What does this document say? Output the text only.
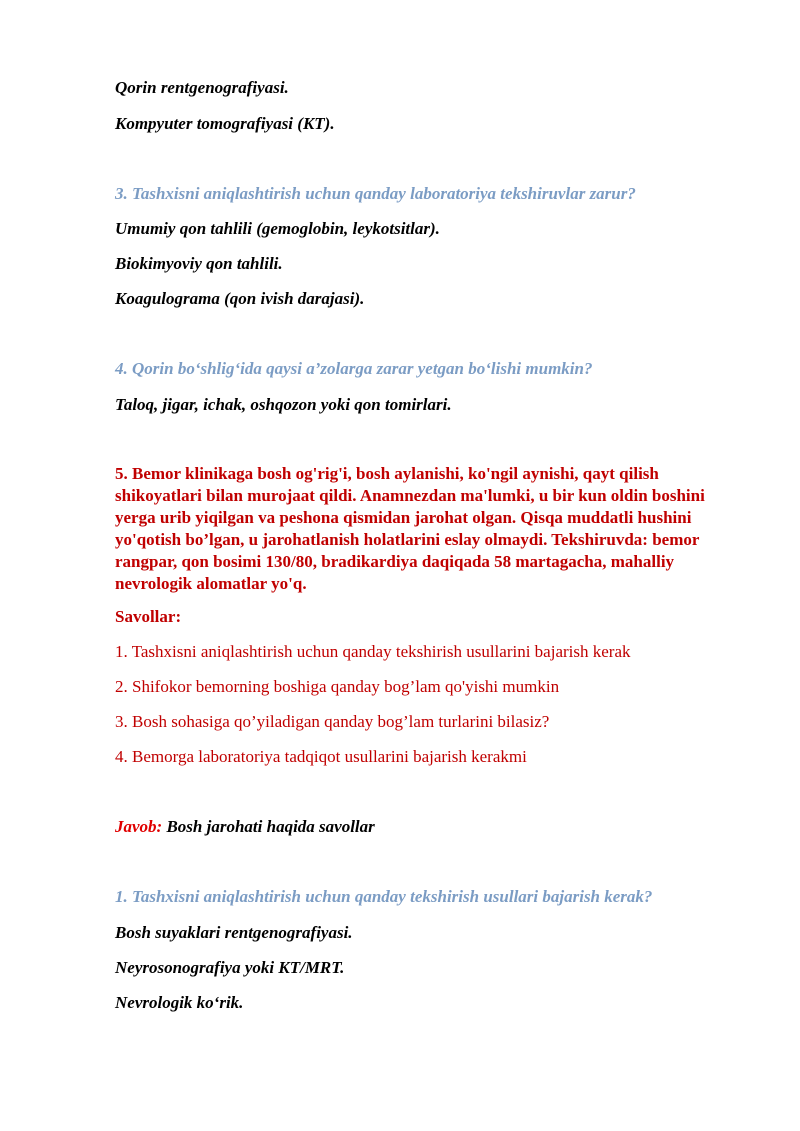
Qorin rentgenografiyasi.
Kompyuter tomografiyasi (KT).
3. Tashxisni aniqlashtirish uchun qanday laboratoriya tekshiruvlar zarur?
Umumiy qon tahlili (gemoglobin, leykotsitlar).
Biokimyoviy qon tahlili.
Koagulograma (qon ivish darajasi).
4. Qorin bo‘shlig‘ida qaysi a’zolarga zarar yetgan bo‘lishi mumkin?
Taloq, jigar, ichak, oshqozon yoki qon tomirlari.
5. Bemor klinikaga bosh og'rig'i, bosh aylanishi, ko'ngil aynishi, qayt qilish shikoyatlari bilan murojaat qildi. Anamnezdan ma'lumki, u bir kun oldin boshini yerga urib yiqilgan va peshona qismidan jarohat olgan. Qisqa muddatli hushini yo'qotish bo’lgan, u jarohatlanish holatlarini eslay olmaydi. Tekshiruvda: bemor rangpar, qon bosimi 130/80, bradikardiya daqiqada 58 martagacha, mahalliy nevrologik alomatlar yo'q.
Savollar:
1. Tashxisni aniqlashtirish uchun qanday tekshirish usullarini bajarish kerak
2. Shifokor bemorning boshiga qanday bog’lam qo'yishi mumkin
3. Bosh sohasiga qo’yiladigan qanday bog’lam turlarini bilasiz?
4. Bemorga laboratoriya tadqiqot usullarini bajarish kerakmi
Javob: Bosh jarohati haqida savollar
1. Tashxisni aniqlashtirish uchun qanday tekshirish usullari bajarish kerak?
Bosh suyaklari rentgenografiyasi.
Neyrosonografiya yoki KT/MRT.
Nevrologik ko‘rik.
